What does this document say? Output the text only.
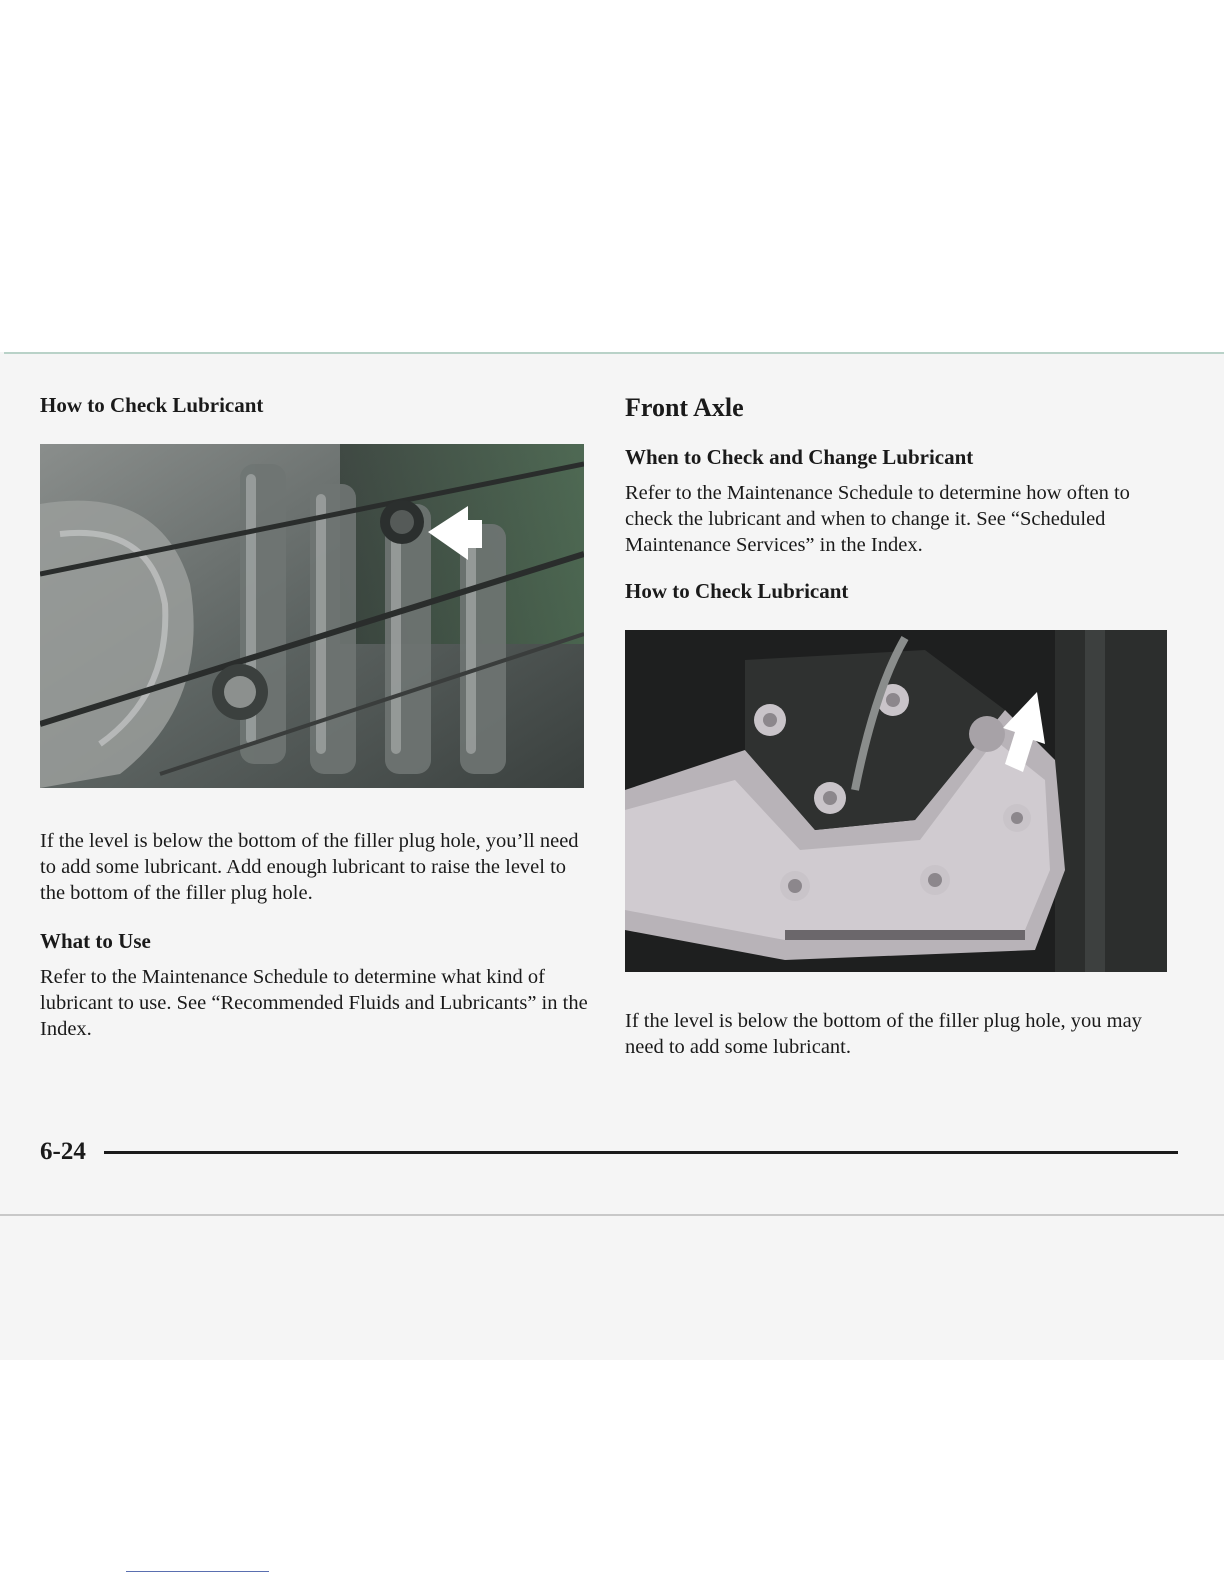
How to Check Lubricant

If the level is below the bottom of the filler plug hole, you’ll need to add some lubricant. Add enough lubricant to raise the level to the bottom of the filler plug hole.

What to Use

Refer to the Maintenance Schedule to determine what kind of lubricant to use. See “Recommended Fluids and Lubricants” in the Index.

Front Axle
When to Check and Change Lubricant

Refer to the Maintenance Schedule to determine how often to check the lubricant and when to change it. See “Scheduled Maintenance Services” in the Index.

How to Check Lubricant

If the level is below the bottom of the filler plug hole, you may need to add some lubricant.

6-24
